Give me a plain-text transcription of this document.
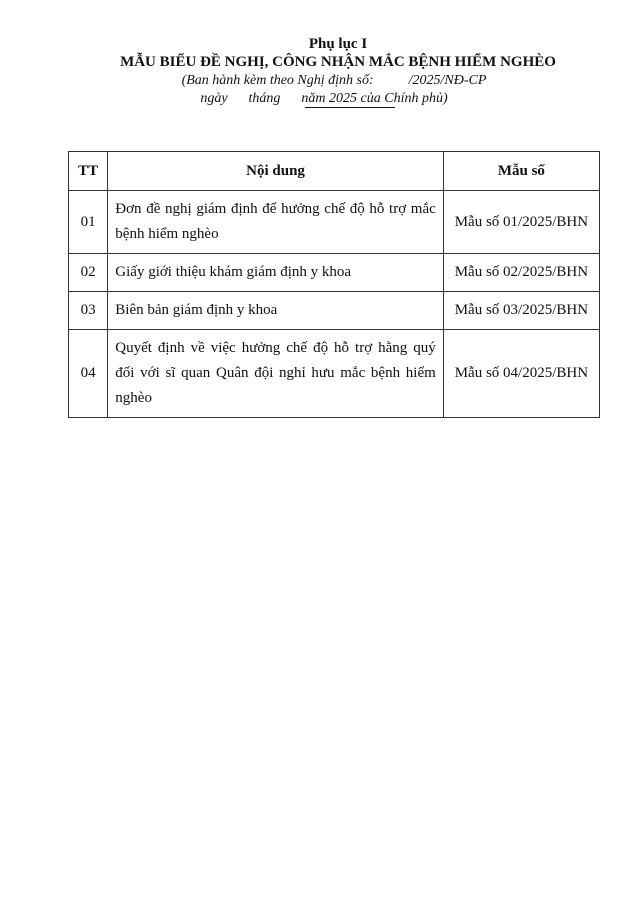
Phụ lục I
MẪU BIỂU ĐỀ NGHỊ, CÔNG NHẬN MẮC BỆNH HIỂM NGHÈO
(Ban hành kèm theo Nghị định số:          /2025/NĐ-CP
ngày      tháng      năm 2025 của Chính phủ)
TT	Nội dung	Mẫu số
01	Đơn đề nghị giám định để hưởng chế độ hỗ trợ mắc bệnh hiểm nghèo	Mẫu số 01/2025/BHN
02	Giấy giới thiệu khám giám định y khoa	Mẫu số 02/2025/BHN
03	Biên bản giám định y khoa	Mẫu số 03/2025/BHN
04	Quyết định về việc hưởng chế độ hỗ trợ hằng quý đối với sĩ quan Quân đội nghỉ hưu mắc bệnh hiểm nghèo	Mẫu số 04/2025/BHN
